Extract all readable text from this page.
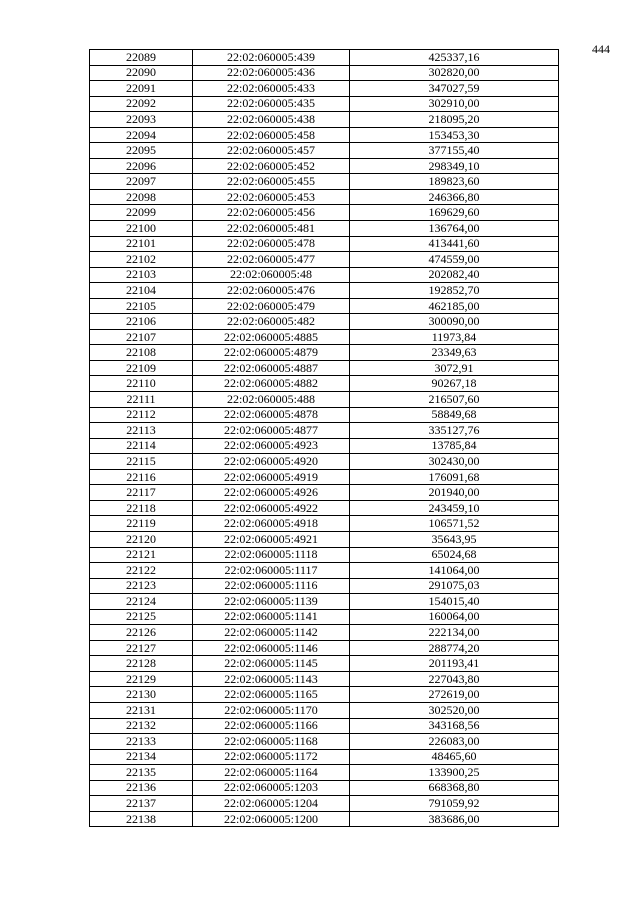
444
22089	22:02:060005:439	425337,16
22090	22:02:060005:436	302820,00
22091	22:02:060005:433	347027,59
22092	22:02:060005:435	302910,00
22093	22:02:060005:438	218095,20
22094	22:02:060005:458	153453,30
22095	22:02:060005:457	377155,40
22096	22:02:060005:452	298349,10
22097	22:02:060005:455	189823,60
22098	22:02:060005:453	246366,80
22099	22:02:060005:456	169629,60
22100	22:02:060005:481	136764,00
22101	22:02:060005:478	413441,60
22102	22:02:060005:477	474559,00
22103	22:02:060005:48	202082,40
22104	22:02:060005:476	192852,70
22105	22:02:060005:479	462185,00
22106	22:02:060005:482	300090,00
22107	22:02:060005:4885	11973,84
22108	22:02:060005:4879	23349,63
22109	22:02:060005:4887	3072,91
22110	22:02:060005:4882	90267,18
22111	22:02:060005:488	216507,60
22112	22:02:060005:4878	58849,68
22113	22:02:060005:4877	335127,76
22114	22:02:060005:4923	13785,84
22115	22:02:060005:4920	302430,00
22116	22:02:060005:4919	176091,68
22117	22:02:060005:4926	201940,00
22118	22:02:060005:4922	243459,10
22119	22:02:060005:4918	106571,52
22120	22:02:060005:4921	35643,95
22121	22:02:060005:1118	65024,68
22122	22:02:060005:1117	141064,00
22123	22:02:060005:1116	291075,03
22124	22:02:060005:1139	154015,40
22125	22:02:060005:1141	160064,00
22126	22:02:060005:1142	222134,00
22127	22:02:060005:1146	288774,20
22128	22:02:060005:1145	201193,41
22129	22:02:060005:1143	227043,80
22130	22:02:060005:1165	272619,00
22131	22:02:060005:1170	302520,00
22132	22:02:060005:1166	343168,56
22133	22:02:060005:1168	226083,00
22134	22:02:060005:1172	48465,60
22135	22:02:060005:1164	133900,25
22136	22:02:060005:1203	668368,80
22137	22:02:060005:1204	791059,92
22138	22:02:060005:1200	383686,00
